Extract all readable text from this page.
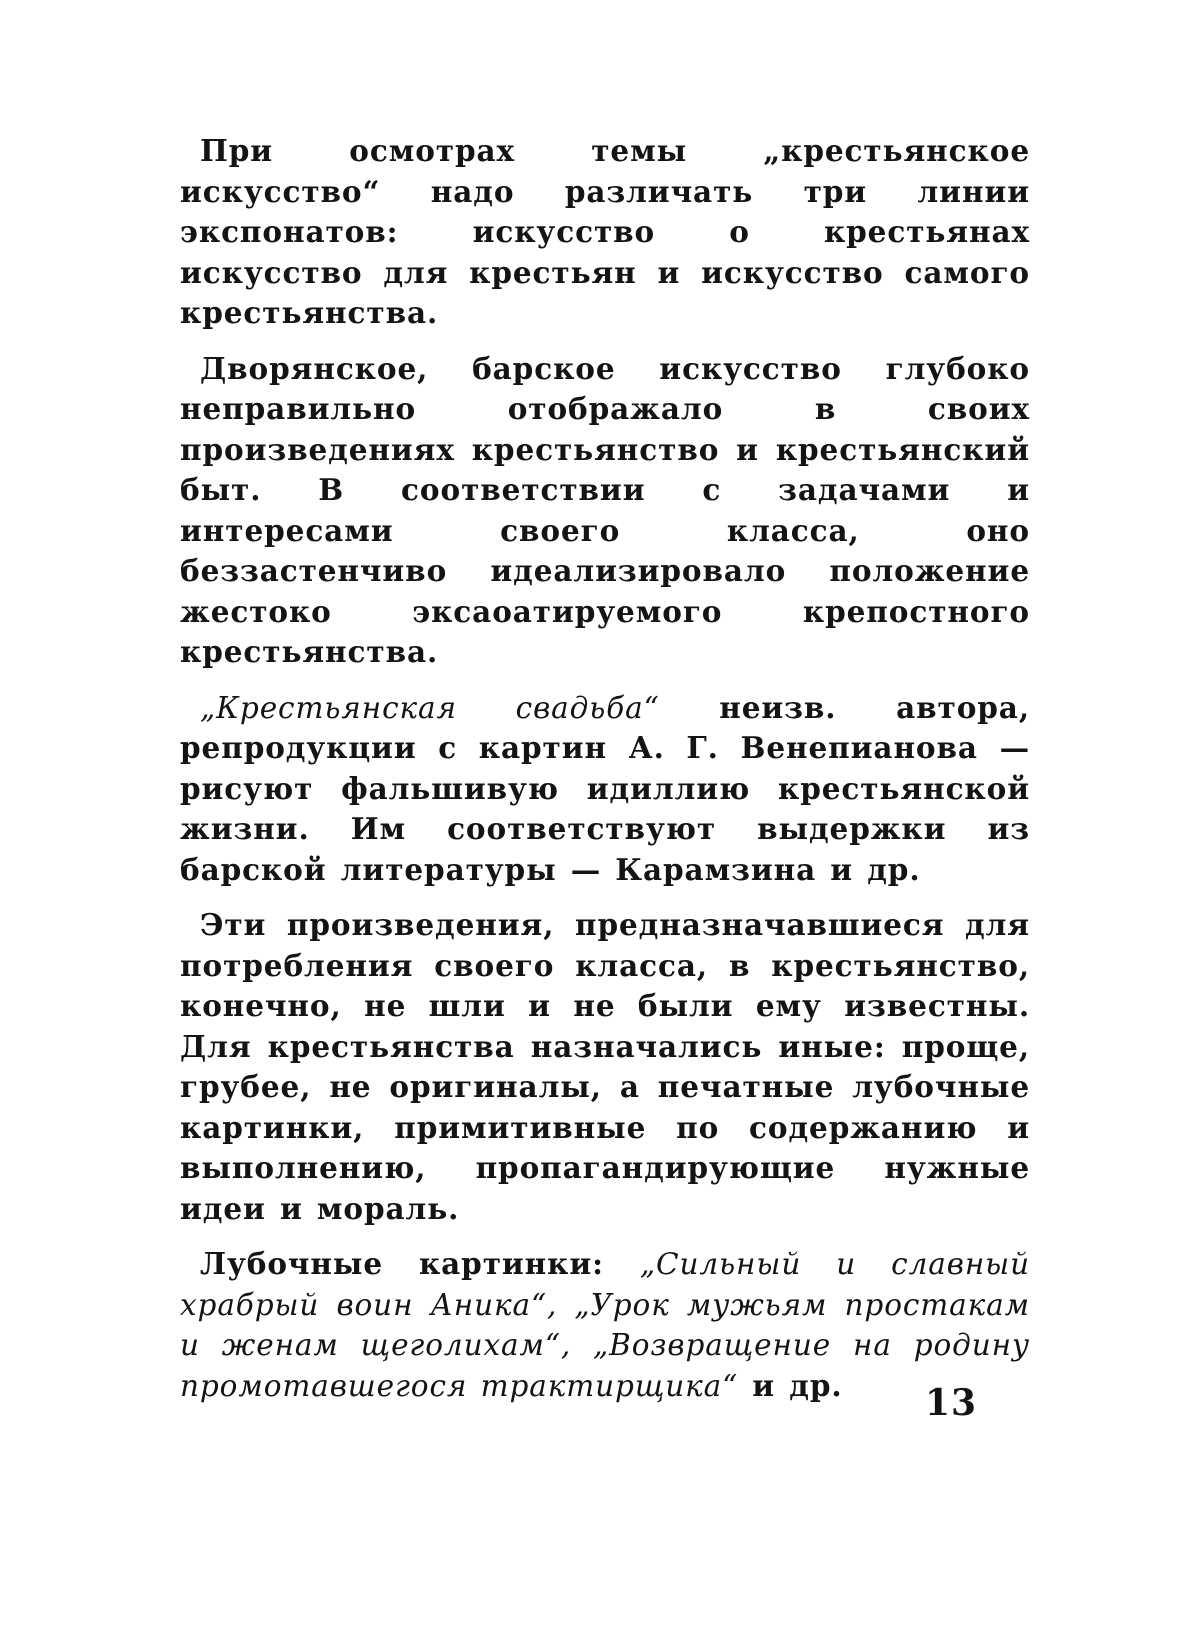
При осмотрах темы „крестьянское искусство“ надо различать три линии экспонатов: искусство о крестьянах искусство для крестьян и искусство самого крестьянства.

Дворянское, барское искусство глубоко неправильно отображало в своих произведениях крестьянство и крестьянский быт. В соответствии с задачами и интересами своего класса, оно беззастенчиво идеализировало положение жестоко эксаоатируемого крепостного крестьянства.

„Крестьянская свадьба“ неизв. автора, репродукции с картин А. Г. Венепианова — рисуют фальшивую идиллию крестьянской жизни. Им соответствуют выдержки из барской литературы — Карамзина и др.

Эти произведения, предназначавшиеся для потребления своего класса, в крестьянство, конечно, не шли и не были ему известны. Для крестьянства назначались иные: проще, грубее, не оригиналы, а печатные лубочные картинки, примитивные по содержанию и выполнению, пропагандирующие нужные идеи и мораль.

Лубочные картинки: „Сильный и славный храбрый воин Аника“, „Урок мужьям простакам и женам щеголихам“, „Возвращение на родину промотавшегося трактирщика“ и др.	13
